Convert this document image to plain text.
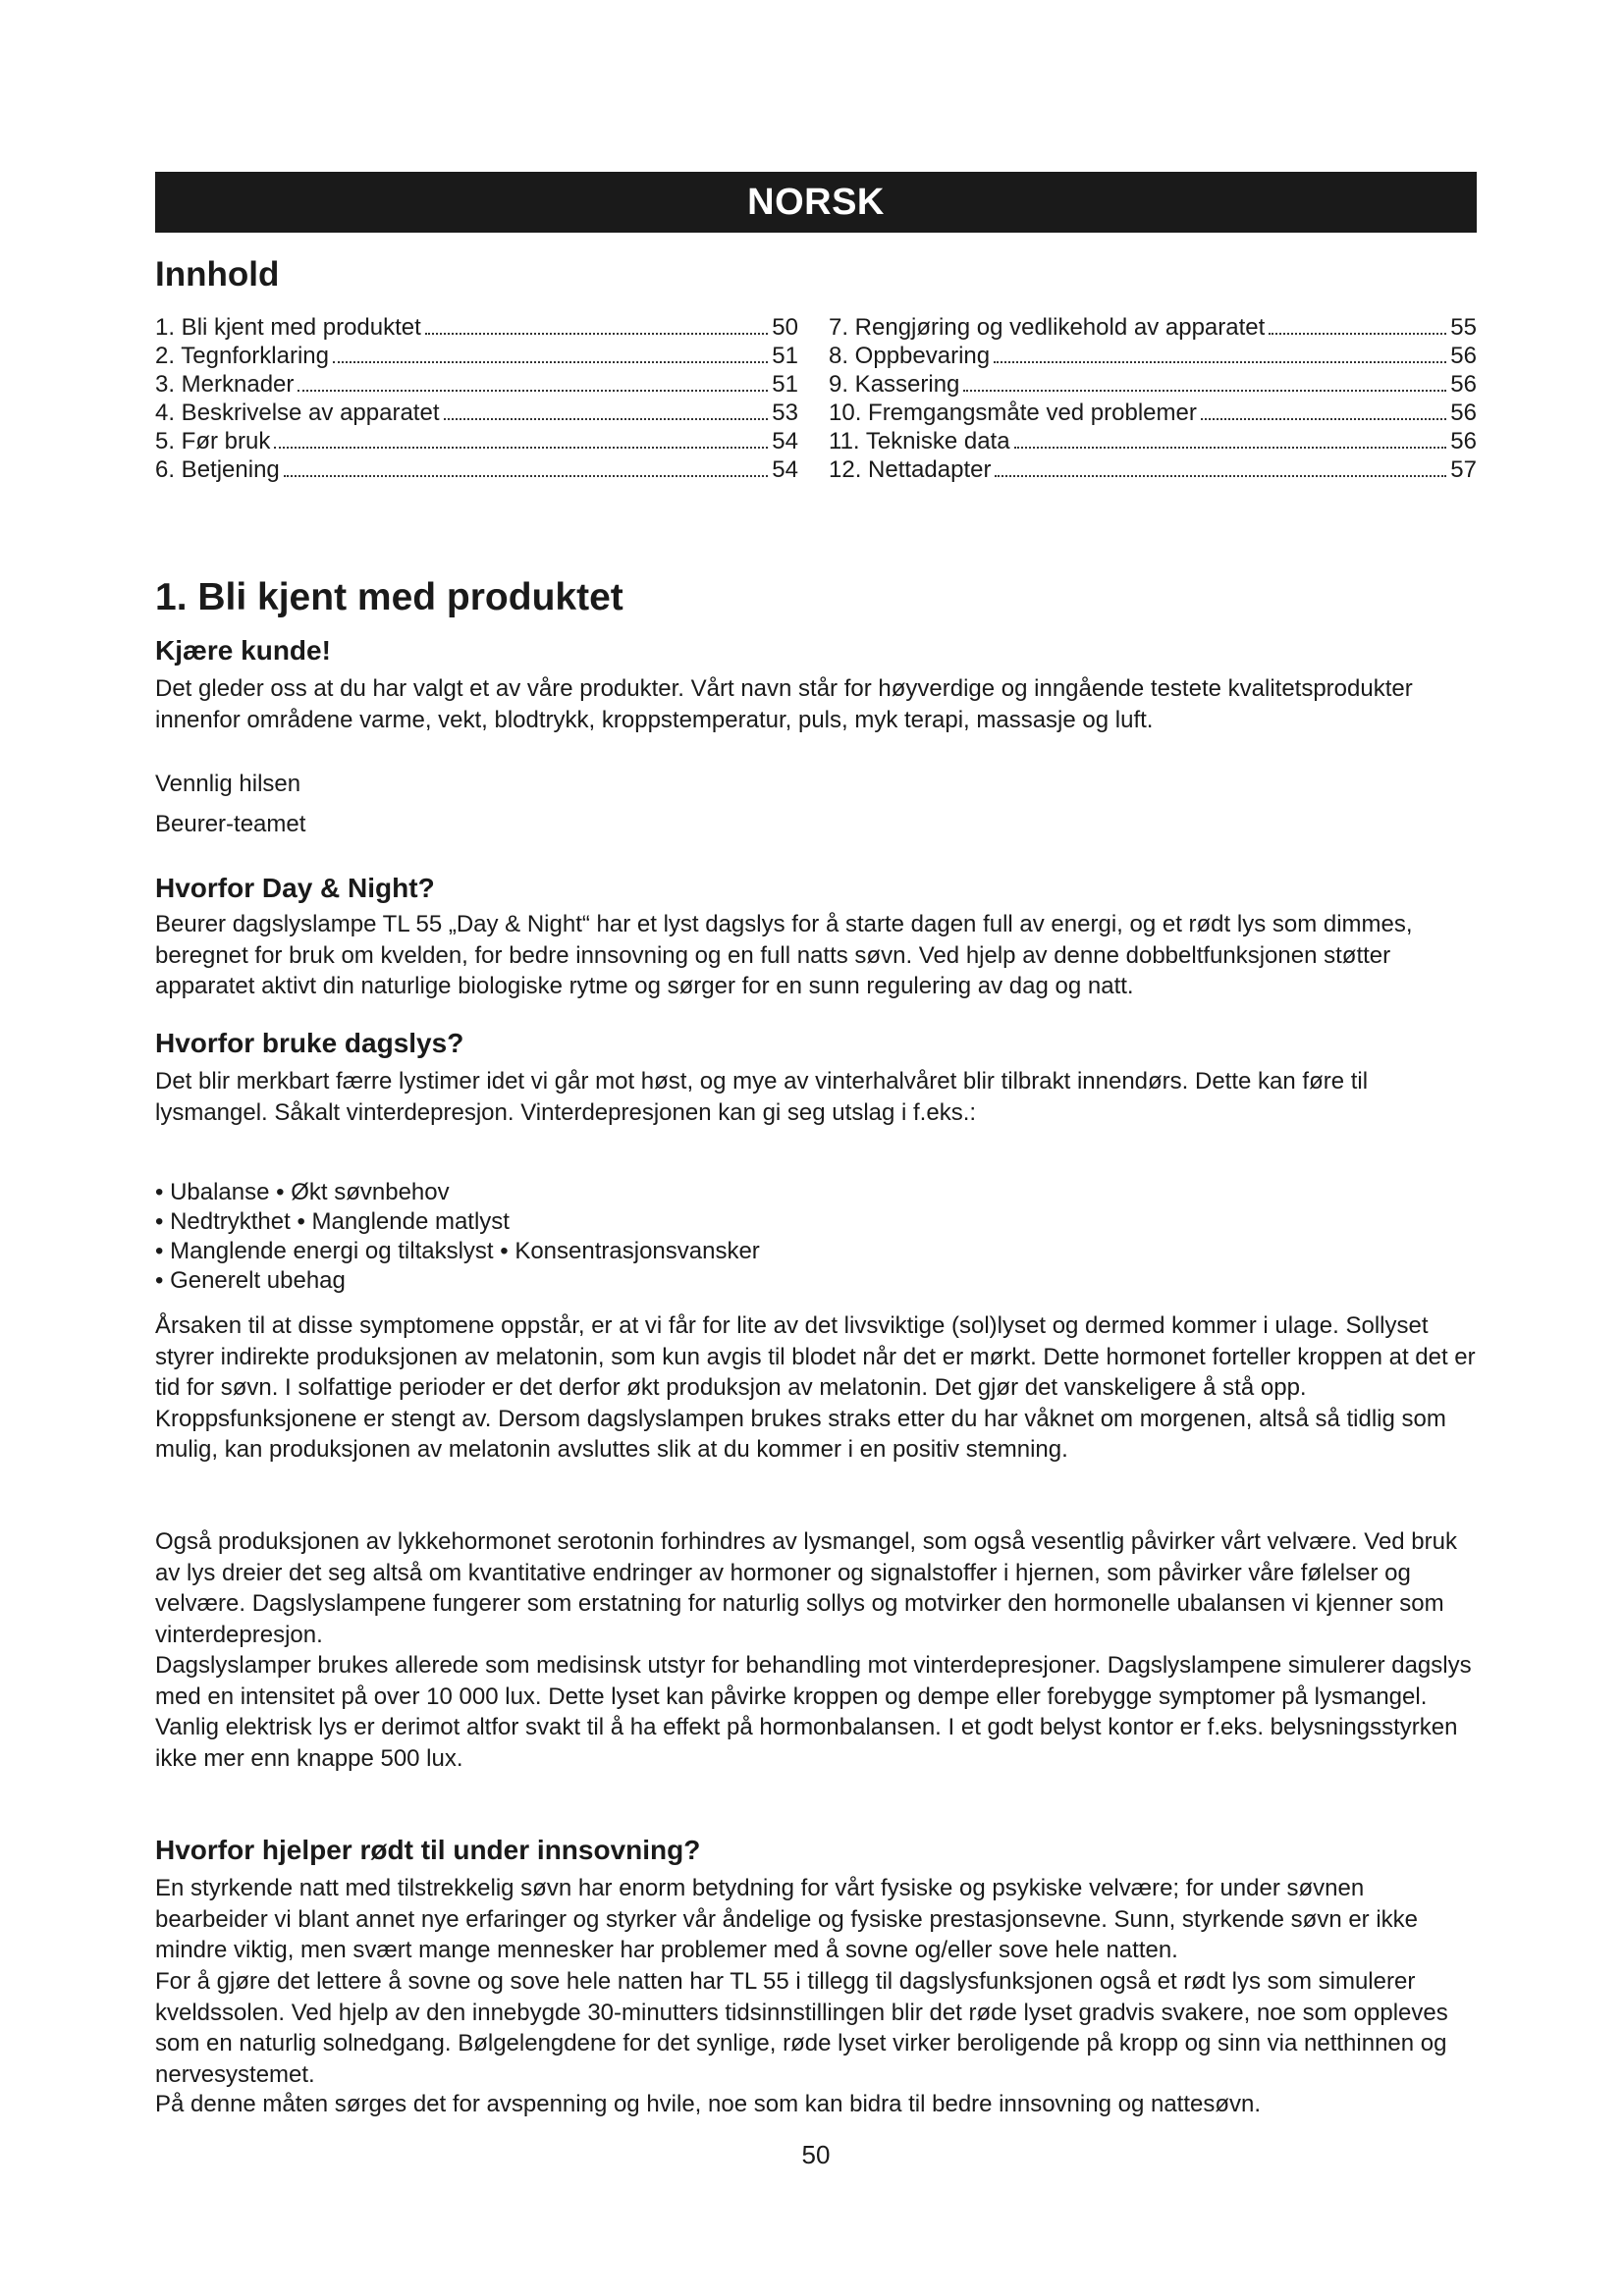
NORSK
Innhold
1. Bli kjent med produktet	50
2. Tegnforklaring	51
3. Merknader	51
4. Beskrivelse av apparatet	53
5. Før bruk	54
6. Betjening	54
7. Rengjøring og vedlikehold av apparatet	55
8. Oppbevaring	56
9. Kassering	56
10. Fremgangsmåte ved problemer	56
11. Tekniske data	56
12. Nettadapter	57
1. Bli kjent med produktet
Kjære kunde!

Det gleder oss at du har valgt et av våre produkter. Vårt navn står for høyverdige og inngående testete kvalitetsprodukter innenfor områdene varme, vekt, blodtrykk, kroppstemperatur, puls, myk terapi, massasje og luft.

Vennlig hilsen

Beurer-teamet

Hvorfor Day & Night?

Beurer dagslyslampe TL 55 „Day & Night“ har et lyst dagslys for å starte dagen full av energi, og et rødt lys som dimmes, beregnet for bruk om kvelden, for bedre innsovning og en full natts søvn. Ved hjelp av denne dobbeltfunksjonen støtter apparatet aktivt din naturlige biologiske rytme og sørger for en sunn regulering av dag og natt.

Hvorfor bruke dagslys?

Det blir merkbart færre lystimer idet vi går mot høst, og mye av vinterhalvåret blir tilbrakt innendørs. Dette kan føre til lysmangel. Såkalt vinterdepresjon. Vinterdepresjonen kan gi seg utslag i f.eks.:

• Ubalanse • Økt søvnbehov
• Nedtrykthet • Manglende matlyst
• Manglende energi og tiltakslyst • Konsentrasjonsvansker
• Generelt ubehag

Årsaken til at disse symptomene oppstår, er at vi får for lite av det livsviktige (sol)lyset og dermed kommer i ulage. Sollyset styrer indirekte produksjonen av melatonin, som kun avgis til blodet når det er mørkt. Dette hormonet forteller kroppen at det er tid for søvn. I solfattige perioder er det derfor økt produksjon av melatonin. Det gjør det vanskeligere å stå opp. Kroppsfunksjonene er stengt av. Dersom dagslyslampen brukes straks etter du har våknet om morgenen, altså så tidlig som mulig, kan produksjonen av melatonin avsluttes slik at du kommer i en positiv stemning.

Også produksjonen av lykkehormonet serotonin forhindres av lysmangel, som også vesentlig påvirker vårt velvære. Ved bruk av lys dreier det seg altså om kvantitative endringer av hormoner og signalstoffer i hjernen, som påvirker våre følelser og velvære. Dagslyslampene fungerer som erstatning for naturlig sollys og motvirker den hormonelle ubalansen vi kjenner som vinterdepresjon.

Dagslyslamper brukes allerede som medisinsk utstyr for behandling mot vinterdepresjoner. Dagslyslampene simulerer dagslys med en intensitet på over 10 000 lux. Dette lyset kan påvirke kroppen og dempe eller forebygge symptomer på lysmangel. Vanlig elektrisk lys er derimot altfor svakt til å ha effekt på hormonbalansen. I et godt belyst kontor er f.eks. belysningsstyrken ikke mer enn knappe 500 lux.

Hvorfor hjelper rødt til under innsovning?

En styrkende natt med tilstrekkelig søvn har enorm betydning for vårt fysiske og psykiske velvære; for under søvnen bearbeider vi blant annet nye erfaringer og styrker vår åndelige og fysiske prestasjonsevne. Sunn, styrkende søvn er ikke mindre viktig, men svært mange mennesker har problemer med å sovne og/eller sove hele natten.

For å gjøre det lettere å sovne og sove hele natten har TL 55 i tillegg til dagslysfunksjonen også et rødt lys som simulerer kveldssolen. Ved hjelp av den innebygde 30-minutters tidsinnstillingen blir det røde lyset gradvis svakere, noe som oppleves som en naturlig solnedgang. Bølgelengdene for det synlige, røde lyset virker beroligende på kropp og sinn via netthinnen og nervesystemet.

På denne måten sørges det for avspenning og hvile, noe som kan bidra til bedre innsovning og nattesøvn.

50
